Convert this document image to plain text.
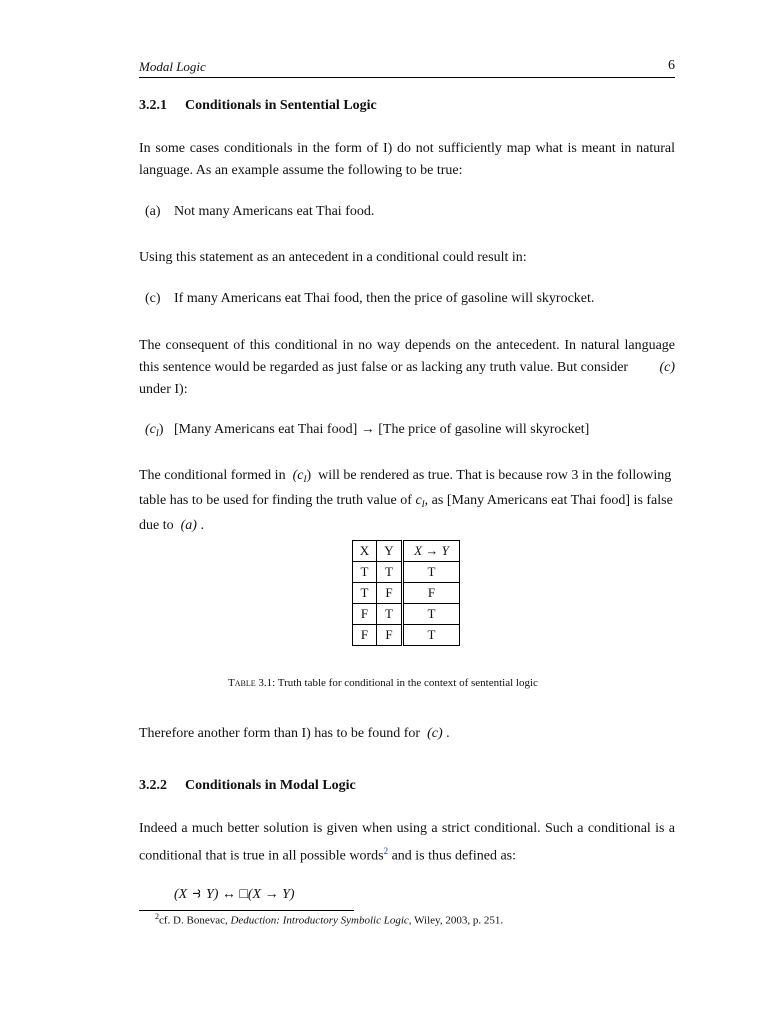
Modal Logic	6
3.2.1 Conditionals in Sentential Logic
In some cases conditionals in the form of I) do not sufficiently map what is meant in natural
language. As an example assume the following to be true:
(a) Not many Americans eat Thai food.
Using this statement as an antecedent in a conditional could result in:
(c) If many Americans eat Thai food, then the price of gasoline will skyrocket.
The consequent of this conditional in no way depends on the antecedent. In natural language
this sentence would be regarded as just false or as lacking any truth value. But consider (c)
under I):
$(c_I)$ [Many Americans eat Thai food] → [The price of gasoline will skyrocket]
The conditional formed in $(c_I)$ will be rendered as true. That is because row 3 in the following
table has to be used for finding the truth value of $c_I$, as [Many Americans eat Thai food] is false
due to (a) .
X	Y	X → Y
T	T	T
T	F	F
F	T	T
F	F	T
Table 3.1: Truth table for conditional in the context of sentential logic
Therefore another form than I) has to be found for (c) .
3.2.2 Conditionals in Modal Logic
Indeed a much better solution is given when using a strict conditional. Such a conditional is a
conditional that is true in all possible words$^2$ and is thus defined as:
(X ⥽ Y) ↔ □(X → Y)
$^2$cf. D. Bonevac, Deduction: Introductory Symbolic Logic, Wiley, 2003, p. 251.
